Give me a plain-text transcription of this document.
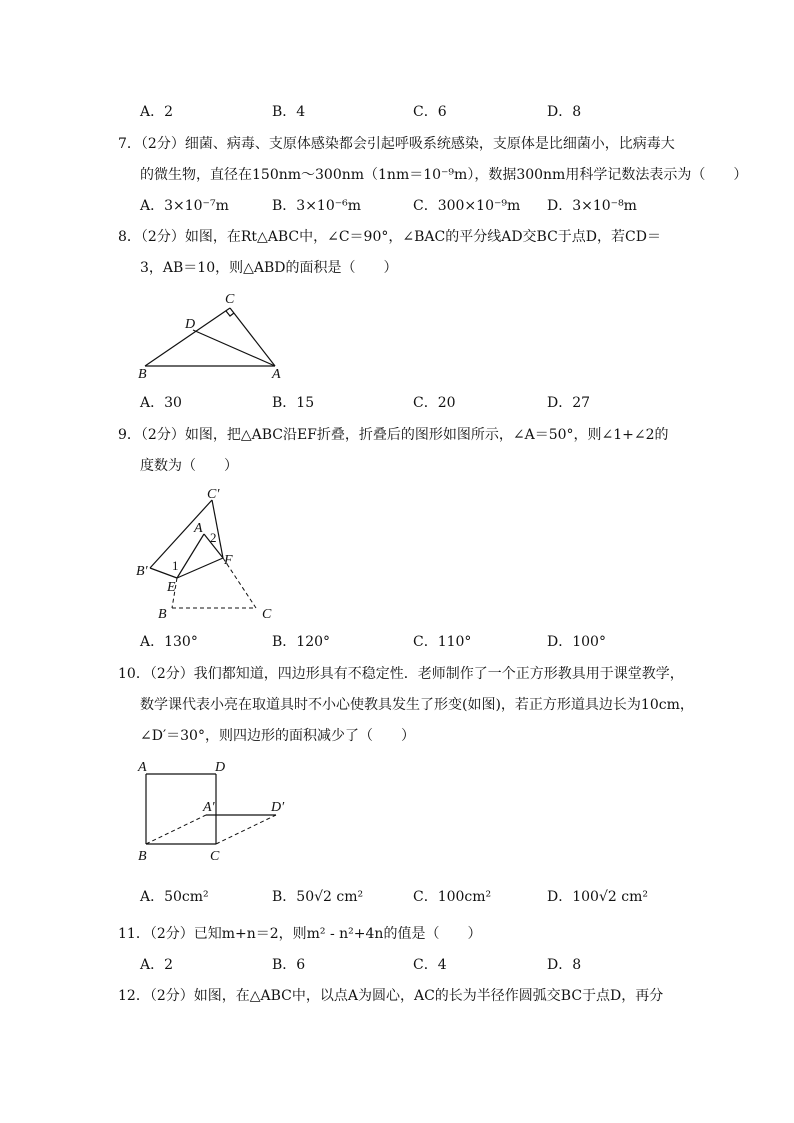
A．2	B．4	C．6	D．8
7．（2分）细菌、病毒、支原体感染都会引起呼吸系统感染，支原体是比细菌小，比病毒大
的微生物，直径在150nm～300nm（1nm＝10⁻⁹m），数据300nm用科学记数法表示为（　　）
A．3×10⁻⁷m	B．3×10⁻⁶m	C．300×10⁻⁹m D．3×10⁻⁸m
8．（2分）如图，在Rt△ABC中，∠C＝90°，∠BAC的平分线AD交BC于点D，若CD＝
3，AB＝10，则△ABD的面积是（　　）
C
D
B	A
A．30	B．15	C．20	D．27
9．（2分）如图，把△ABC沿EF折叠，折叠后的图形如图所示，∠A＝50°，则∠1+∠2的
度数为（　　）
C′
A
2
B′ 1	F
E
B	C
A．130°	B．120°	C．110°	D．100°
10．（2分）我们都知道，四边形具有不稳定性．老师制作了一个正方形教具用于课堂教学，
数学课代表小亮在取道具时不小心使教具发生了形变(如图)，若正方形道具边长为10cm，
∠D′＝30°，则四边形的面积减少了（　　）
A	D
A′	D′
B	C
A．50cm²	B．50√2 cm²	C．100cm²	D．100√2 cm²
11．（2分）已知m+n＝2，则m² - n²+4n的值是（　　）
A．2	B．6	C．4	D．8
12．（2分）如图，在△ABC中，以点A为圆心，AC的长为半径作圆弧交BC于点D，再分
